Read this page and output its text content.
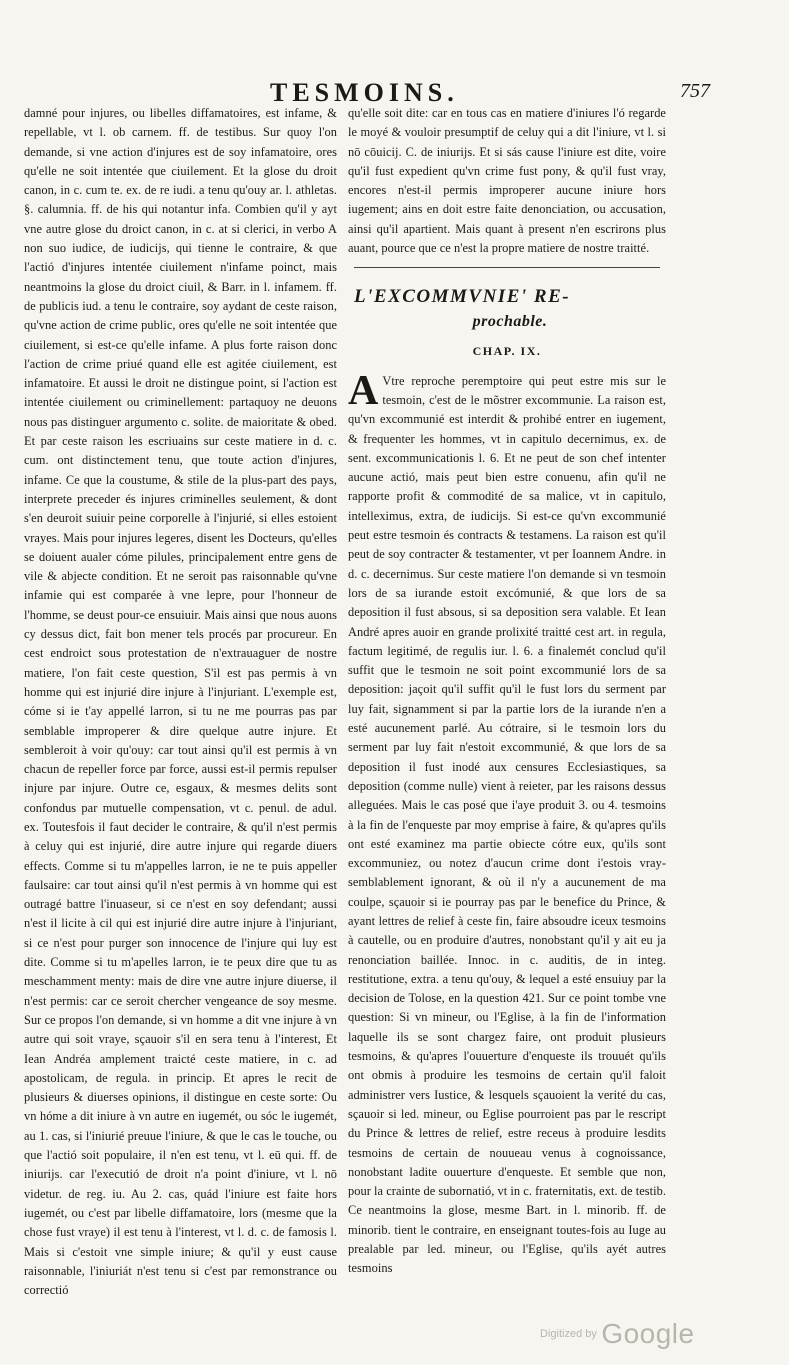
TESMOINS.	757

damné pour injures, ou libelles diffamatoires, est infame, & repellable, vt l. ob carnem. ff. de testibus. Sur quoy l'on demande, si vne action d'injures est de soy infamatoire, ores qu'elle ne soit intentée que ciuilement. Et la glose du droit canon, in c. cum te. ex. de re iudi. a tenu qu'ouy ar. l. athletas. §. calumnia. ff. de his qui notantur infa. Combien qu'il y ayt vne autre glose du droict canon, in c. at si clerici, in verbo A non suo iudice, de iudicijs, qui tienne le contraire, & que l'actió d'injures intentée ciuilement n'infame poinct, mais neantmoins la glose du droict ciuil, & Barr. in l. infamem. ff. de publicis iud. a tenu le contraire, soy aydant de ceste raison, qu'vne action de crime public, ores qu'elle ne soit intentée que ciuilement, si est-ce qu'elle infame. A plus forte raison donc l'action de crime priué quand elle est agitée ciuilement, est infamatoire. Et aussi le droit ne distingue point, si l'action est intentée ciuilement ou criminellement: partaquoy ne deuons nous pas distinguer argumento c. solite. de maioritate & obed. Et par ceste raison les escriuains sur ceste matiere in d. c. cum. ont distinctement tenu, que toute action d'injures, infame. Ce que la coustume, & stile de la plus-part des pays, interprete preceder és injures criminelles seulement, & dont s'en deuroit suiuir peine corporelle à l'injurié, si elles estoient vrayes. Mais pour injures legeres, disent les Docteurs, qu'elles se doiuent aualer cóme pilules, principalement entre gens de vile & abjecte condition. Et ne seroit pas raisonnable qu'vne infamie qui est comparée à vne lepre, pour l'honneur de l'homme, se deust pour-ce ensuiuir. Mais ainsi que nous auons cy dessus dict, fait bon mener tels procés par procureur. En cest endroict sous protestation de n'extrauaguer de nostre matiere, l'on fait ceste question, S'il est pas permis à vn homme qui est injurié dire injure à l'injuriant. L'exemple est, cóme si ie t'ay appellé larron, si tu ne me pourras pas par semblable improperer & dire quelque autre injure. Et sembleroit à voir qu'ouy: car tout ainsi qu'il est permis à vn chacun de repeller force par force, aussi est-il permis repulser injure par injure. Outre ce, esgaux, & mesmes delits sont confondus par mutuelle compensation, vt c. penul. de adul. ex. Toutesfois il faut decider le contraire, & qu'il n'est permis à celuy qui est injurié, dire autre injure qui regarde diuers effects. Comme si tu m'appelles larron, ie ne te puis appeller faulsaire: car tout ainsi qu'il n'est permis à vn homme qui est outragé battre l'inuaseur, si ce n'est en soy defendant; aussi n'est il licite à cil qui est injurié dire autre injure à l'injuriant, si ce n'est pour purger son innocence de l'injure qui luy est dite. Comme si tu m'apelles larron, ie te peux dire que tu as meschamment menty: mais de dire vne autre injure diuerse, il n'est permis: car ce seroit chercher vengeance de soy mesme. Sur ce propos l'on demande, si vn homme a dit vne injure à vn autre qui soit vraye, sçauoir s'il en sera tenu à l'interest, Et Iean Andréa amplement traicté ceste matiere, in c. ad apostolicam, de regula. in princip. Et apres le recit de plusieurs & diuerses opinions, il distingue en ceste sorte: Ou vn hóme a dit iniure à vn autre en iugemét, ou sóc le iugemét, au 1. cas, si l'iniurié preuue l'iniure, & que le cas le touche, ou que l'actió soit populaire, il n'en est tenu, vt l. eū qui. ff. de iniurijs. car l'executió de droit n'a point d'iniure, vt l. nō videtur. de reg. iu. Au 2. cas, quád l'iniure est faite hors iugemét, ou c'est par libelle diffamatoire, lors (mesme que la chose fust vraye) il est tenu à l'interest, vt l. d. c. de famosis l. Mais si c'estoit vne simple iniure; & qu'il y eust cause raisonnable, l'iniuriát n'est tenu si c'est par remonstrance ou correctió

qu'elle soit dite: car en tous cas en matiere d'iniures l'ó regarde le moyé & vouloir presumptif de celuy qui a dit l'iniure, vt l. si nō cōuicij. C. de iniurijs. Et si sás cause l'iniure est dite, voire qu'il fust expedient qu'vn crime fust pony, & qu'il fust vray, encores n'est-il permis improperer aucune iniure hors iugement; ains en doit estre faite denonciation, ou accusation, ainsi qu'il apartient. Mais quant à present n'en escrirons plus auant, pource que ce n'est la propre matiere de nostre traitté.

L'EXCOMMVNIE' RE-
prochable.
CHAP. IX.

A Vtre reproche peremptoire qui peut estre mis sur le tesmoin, c'est de le mõstrer excommunie. La raison est, qu'vn excommunié est interdit & prohibé entrer en iugement, & frequenter les hommes, vt in capitulo decernimus, ex. de sent. excommunicationis l. 6. Et ne peut de son chef intenter aucune actió, mais peut bien estre conuenu, afin qu'il ne rapporte profit & commodité de sa malice, vt in capitulo, intelleximus, extra, de iudicijs. Si est-ce qu'vn excommunié peut estre tesmoin és contracts & testamens. La raison est qu'il peut de soy contracter & testamenter, vt per Ioannem Andre. in d. c. decernimus. Sur ceste matiere l'on demande si vn tesmoin lors de sa iurande estoit excómunié, & que lors de sa deposition il fust absous, si sa deposition sera valable. Et Iean André apres auoir en grande prolixité traitté cest art. in regula, factum legitimé, de regulis iur. l. 6. a finalemét conclud qu'il suffit que le tesmoin ne soit point excommunié lors de sa deposition: jaçoit qu'il suffit qu'il le fust lors du serment par luy fait, signamment si par la partie lors de la iurande n'en a esté aucunement parlé. Au cótraire, si le tesmoin lors du serment par luy fait n'estoit excommunié, & que lors de sa deposition il fust inodé aux censures Ecclesiastiques, sa deposition (comme nulle) vient à reieter, par les raisons dessus alleguées. Mais le cas posé que i'aye produit 3. ou 4. tesmoins à la fin de l'enqueste par moy emprise à faire, & qu'apres qu'ils ont esté examinez ma partie obiecte cótre eux, qu'ils sont excommuniez, ou notez d'aucun crime dont i'estois vray-semblablement ignorant, & où il n'y a aucunement de ma coulpe, sçauoir si ie pourray pas par le benefice du Prince, & ayant lettres de relief à ceste fin, faire absoudre iceux tesmoins à cautelle, ou en produire d'autres, nonobstant qu'il y ait eu ja renonciation baillée. Innoc. in c. auditis, de in integ. restitutione, extra. a tenu qu'ouy, & lequel a esté ensuiuy par la decision de Tolose, en la question 421. Sur ce point tombe vne question: Si vn mineur, ou l'Eglise, à la fin de l'information laquelle ils se sont chargez faire, ont produit plusieurs tesmoins, & qu'apres l'ouuerture d'enqueste ils trouuét qu'ils ont obmis à produire les tesmoins de certain qu'il faloit administrer vers Iustice, & lesquels sçauoient la verité du cas, sçauoir si led. mineur, ou Eglise pourroient pas par le rescript du Prince & lettres de relief, estre receus à produire lesdits tesmoins de certain de nouueau venus à cognoissance, nonobstant ladite ouuerture d'enqueste. Et semble que non, pour la crainte de subornatió, vt in c. fraternitatis, ext. de testib. Ce neantmoins la glose, mesme Bart. in l. minorib. ff. de minorib. tient le contraire, en enseignant toutes-fois au Iuge au prealable par led. mineur, ou l'Eglise, qu'ils ayét autres tesmoins

Digitized by Google
